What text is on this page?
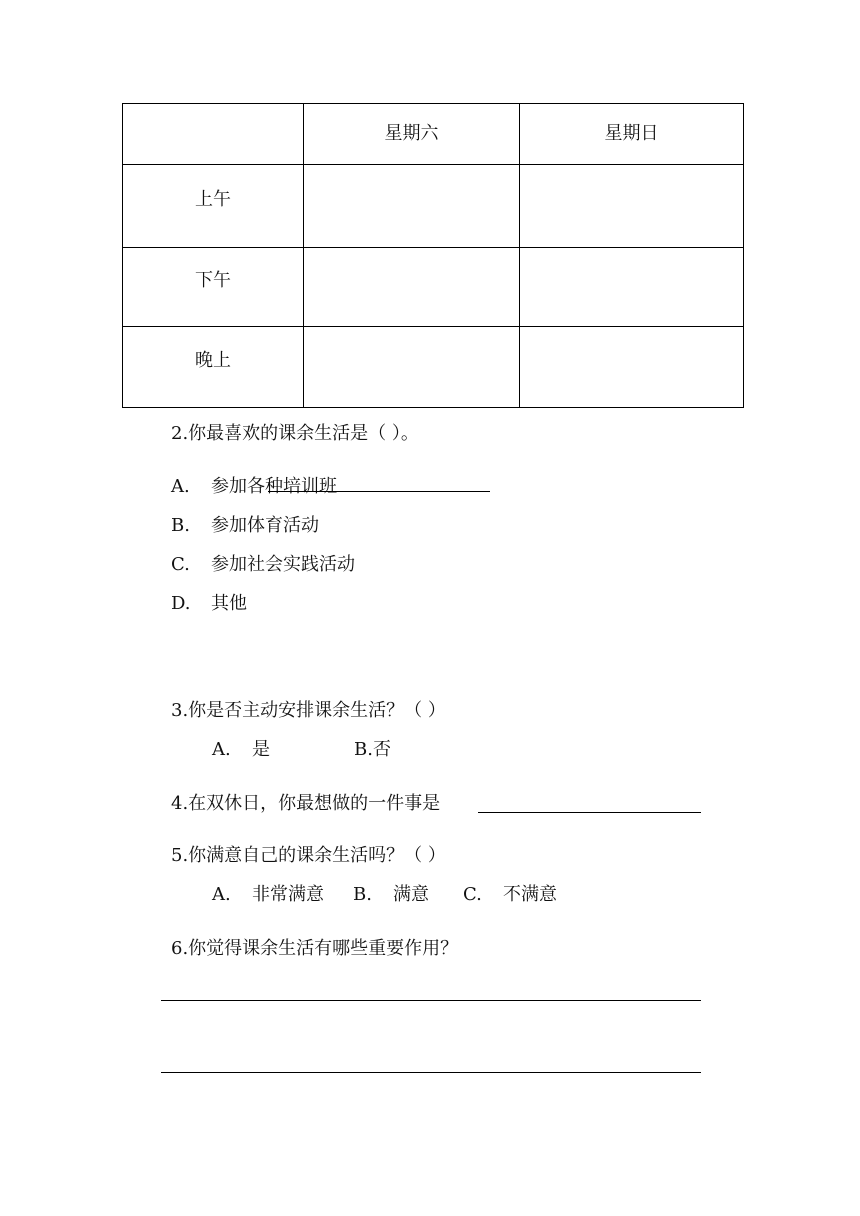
	星期六	星期日
上午		
下午		
晚上		
2.你最喜欢的课余生活是（ ）。
A. 参加各种培训班
B. 参加体育活动
C. 参加社会实践活动
D. 其他
3.你是否主动安排课余生活？（ ）
A. 是	B.否
4.在双休日，你最想做的一件事是
5.你满意自己的课余生活吗？（ ）
A. 非常满意 B. 满意 C. 不满意
6.你觉得课余生活有哪些重要作用？
